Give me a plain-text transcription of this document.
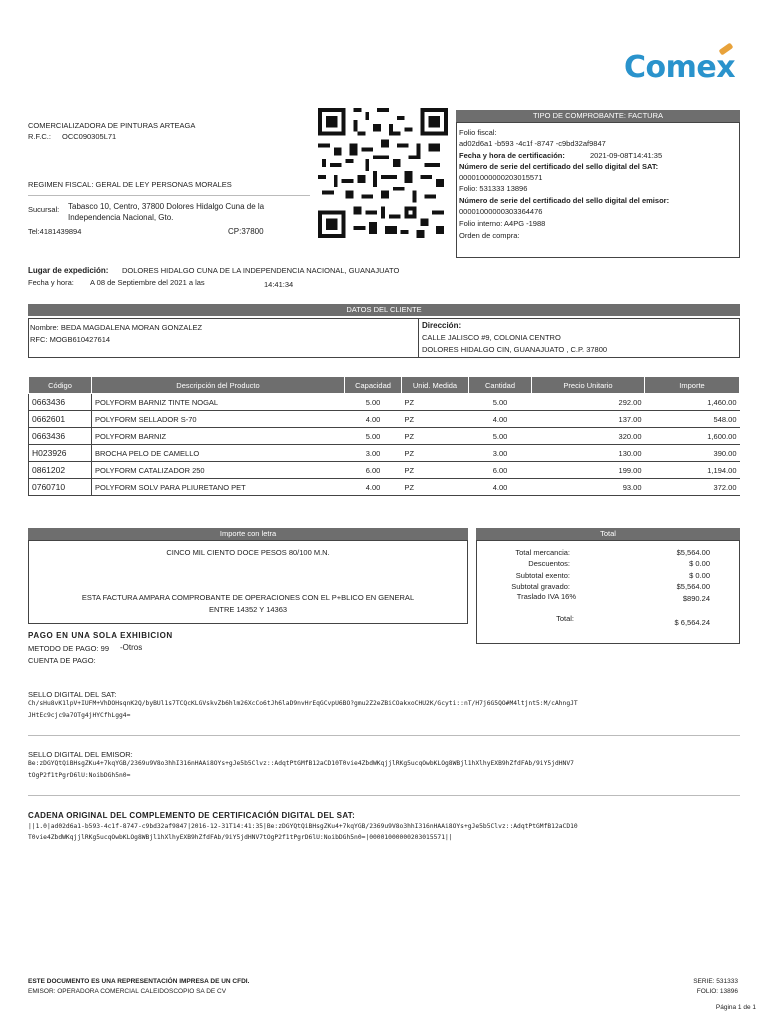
Comex
COMERCIALIZADORA DE PINTURAS ARTEAGA
R.F.C.: OCC090305L71
REGIMEN FISCAL: GERAL DE LEY PERSONAS MORALES
Sucursal: Tabasco 10, Centro, 37800 Dolores Hidalgo Cuna de la
Independencia Nacional, Gto.
Tel:4181439894	CP:37800
TIPO DE COMPROBANTE: FACTURA
Folio fiscal:
ad02d6a1 -b593 -4c1f -8747 -c9bd32af9847
Fecha y hora de certificación:	2021-09-08T14:41:35
Número de serie del certificado del sello digital del SAT:
00001000000203015571
Folio: 531333 13896
Número de serie del certificado del sello digital del emisor:
00001000000303364476
Folio interno: A4PG -1988
Orden de compra:
Lugar de expedición: DOLORES HIDALGO CUNA DE LA INDEPENDENCIA NACIONAL, GUANAJUATO
Fecha y hora: A 08 de Septiembre del 2021 a las	14:41:34
DATOS DEL CLIENTE
Nombre: BEDA MAGDALENA MORAN GONZALEZ
RFC: MOGB610427614
Dirección:
CALLE JALISCO #9, COLONIA CENTRO
DOLORES HIDALGO CIN, GUANAJUATO , C.P. 37800
Código	Descripción del Producto	Capacidad	Unid. Medida	Cantidad	Precio Unitario	Importe
0663436	POLYFORM BARNIZ TINTE NOGAL	5.00	PZ	5.00	292.00	1,460.00
0662601	POLYFORM SELLADOR S-70	4.00	PZ	4.00	137.00	548.00
0663436	POLYFORM BARNIZ	5.00	PZ	5.00	320.00	1,600.00
H023926	BROCHA PELO DE CAMELLO	3.00	PZ	3.00	130.00	390.00
0861202	POLYFORM CATALIZADOR 250	6.00	PZ	6.00	199.00	1,194.00
0760710	POLYFORM SOLV PARA PLIURETANO PET	4.00	PZ	4.00	93.00	372.00
Importe con letra
CINCO MIL CIENTO DOCE PESOS 80/100 M.N.
ESTA FACTURA AMPARA COMPROBANTE DE OPERACIONES CON EL P+BLICO EN GENERAL
ENTRE 14352 Y 14363
Total
Total mercancia:	$5,564.00
Descuentos:	$ 0.00
Subtotal exento:	$ 0.00
Subtotal gravado:	$5,564.00
Traslado IVA 16%	$890.24
Total:	$ 6,564.24
PAGO EN UNA SOLA EXHIBICION
METODO DE PAGO: 99 -Otros
CUENTA DE PAGO:
SELLO DIGITAL DEL SAT:
Ch/sHu8vK1lpV+IUFM+VhDOHsqnK2Q/byBUl1s7TCQcKLGVskvZb6hlm26XcCo6tJh6laD9nvHrEqGCvpU6BO?gmu2Z2eZBiCOakxoCHU2K/Gcyti::nT/H7j6G5QO#M4ltjnt5:M/cAhngJT
JHtEc9cjc9a7OTg4jHYCfhLgg4=
SELLO DIGITAL DEL EMISOR:
Be:zDGYQtQiBHsgZKu4+7kqYGB/2369u9V8o3hhI316nHAAi8OYs+gJe5b5Clvz::AdqtPtGMfB12aCD10T0vie4ZbdWKqjjlRKg5ucqOwbKLOg8WBjl1hXlhyEXB9hZfdFAb/9iY5jdHNV7
tOgP2f1tPgrD6lU:NoibDGh5n0=
CADENA ORIGINAL DEL COMPLEMENTO DE CERTIFICACIÓN DIGITAL DEL SAT:
||1.0|ad02d6a1-b593-4c1f-8747-c9bd32af9847|2016-12-31T14:41:35|Be:zDGYQtQiBHsgZKu4+7kqYGB/2369u9V8o3hhI316nHAAi8OYs+gJe5b5Clvz::AdqtPtGMfB12aCD10
T0vie4ZbdWKqjjlRKg5ucqOwbKLOg8WBjl1hXlhyEXB9hZfdFAb/9iY5jdHNV7tOgP2f1tPgrD6lU:NoibDGh5n0=|00001000000203015571||
ESTE DOCUMENTO ES UNA REPRESENTACIÓN IMPRESA DE UN CFDI.
EMISOR: OPERADORA COMERCIAL CALEIDOSCOPIO SA DE CV
SERIE: 531333
FOLIO: 13896
Página 1 de 1
